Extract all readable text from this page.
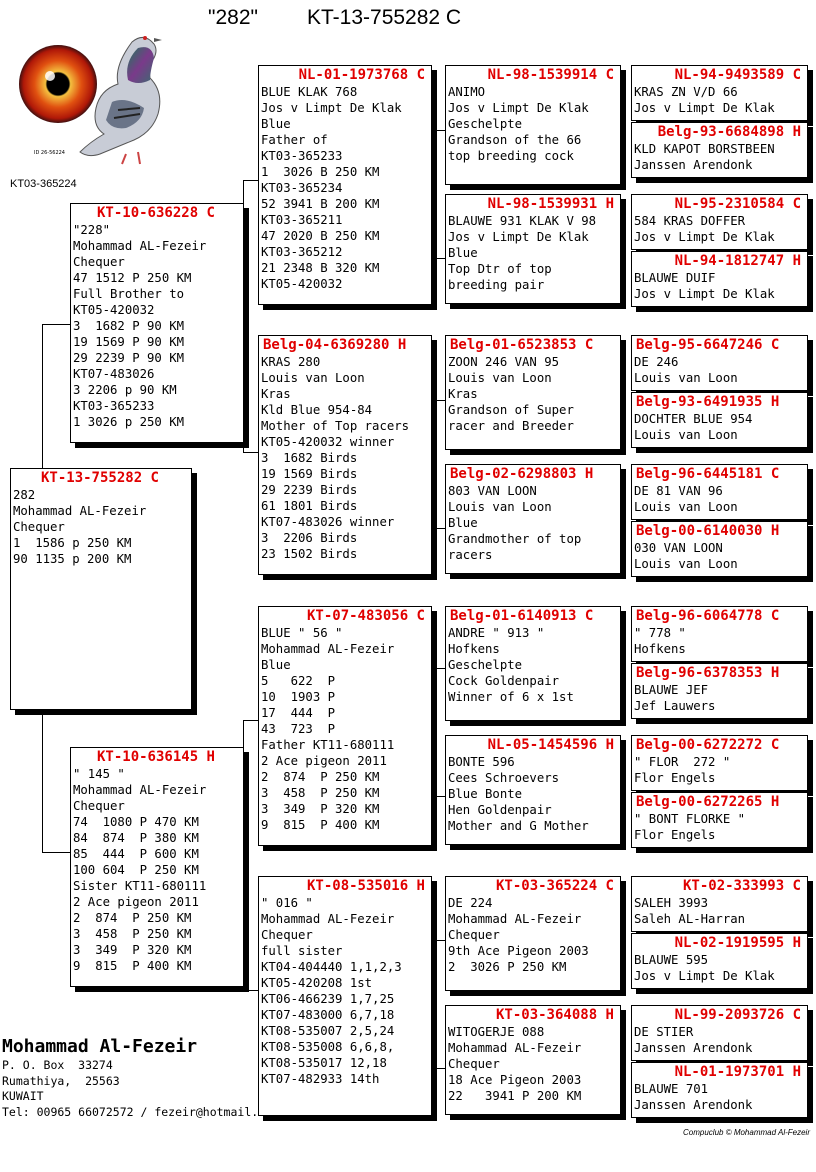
"282" KT-13-755282 C
ID 26-56224
KT03-365224
KT-13-755282 C
282
Mohammad AL-Fezeir
Chequer
1  1586 p 250 KM
90 1135 p 200 KM
KT-10-636228 C
"228"
Mohammad AL-Fezeir
Chequer
47 1512 P 250 KM
Full Brother to
KT05-420032
3  1682 P 90 KM
19 1569 P 90 KM
29 2239 P 90 KM
KT07-483026
3 2206 p 90 KM
KT03-365233
1 3026 p 250 KM
KT-10-636145 H
" 145 "
Mohammad AL-Fezeir
Chequer
74  1080 P 470 KM
84  874  P 380 KM
85  444  P 600 KM
100 604  P 250 KM
Sister KT11-680111
2 Ace pigeon 2011
2  874  P 250 KM
3  458  P 250 KM
3  349  P 320 KM
9  815  P 400 KM
NL-01-1973768 C
BLUE KLAK 768
Jos v Limpt De Klak
Blue
Father of
KT03-365233
1  3026 B 250 KM
KT03-365234
52 3941 B 200 KM
KT03-365211
47 2020 B 250 KM
KT03-365212
21 2348 B 320 KM
KT05-420032
Belg-04-6369280 H
KRAS 280
Louis van Loon
Kras
Kld Blue 954-84
Mother of Top racers
KT05-420032 winner
3  1682 Birds
19 1569 Birds
29 2239 Birds
61 1801 Birds
KT07-483026 winner
3  2206 Birds
23 1502 Birds
KT-07-483056 C
BLUE " 56 "
Mohammad AL-Fezeir
Blue
5   622  P
10  1903 P
17  444  P
43  723  P
Father KT11-680111
2 Ace pigeon 2011
2  874  P 250 KM
3  458  P 250 KM
3  349  P 320 KM
9  815  P 400 KM
KT-08-535016 H
" 016 "
Mohammad AL-Fezeir
Chequer
full sister
KT04-404440 1,1,2,3
KT05-420208 1st
KT06-466239 1,7,25
KT07-483000 6,7,18
KT08-535007 2,5,24
KT08-535008 6,6,8,
KT08-535017 12,18
KT07-482933 14th
NL-98-1539914 C
ANIMO
Jos v Limpt De Klak
Geschelpte
Grandson of the 66
top breeding cock
NL-98-1539931 H
BLAUWE 931 KLAK V 98
Jos v Limpt De Klak
Blue
Top Dtr of top
breeding pair
Belg-01-6523853 C
ZOON 246 VAN 95
Louis van Loon
Kras
Grandson of Super
racer and Breeder
Belg-02-6298803 H
803 VAN LOON
Louis van Loon
Blue
Grandmother of top
racers
Belg-01-6140913 C
ANDRE " 913 "
Hofkens
Geschelpte
Cock Goldenpair
Winner of 6 x 1st
NL-05-1454596 H
BONTE 596
Cees Schroevers
Blue Bonte
Hen Goldenpair
Mother and G Mother
KT-03-365224 C
DE 224
Mohammad AL-Fezeir
Chequer
9th Ace Pigeon 2003
2  3026 P 250 KM
KT-03-364088 H
WITOGERJE 088
Mohammad AL-Fezeir
Chequer
18 Ace Pigeon 2003
22   3941 P 200 KM
NL-94-9493589 C
KRAS ZN V/D 66
Jos v Limpt De Klak
Belg-93-6684898 H
KLD KAPOT BORSTBEEN
Janssen Arendonk
NL-95-2310584 C
584 KRAS DOFFER
Jos v Limpt De Klak
NL-94-1812747 H
BLAUWE DUIF
Jos v Limpt De Klak
Belg-95-6647246 C
DE 246
Louis van Loon
Belg-93-6491935 H
DOCHTER BLUE 954
Louis van Loon
Belg-96-6445181 C
DE 81 VAN 96
Louis van Loon
Belg-00-6140030 H
030 VAN LOON
Louis van Loon
Belg-96-6064778 C
" 778 "
Hofkens
Belg-96-6378353 H
BLAUWE JEF
Jef Lauwers
Belg-00-6272272 C
" FLOR  272 "
Flor Engels
Belg-00-6272265 H
" BONT FLORKE "
Flor Engels
KT-02-333993 C
SALEH 3993
Saleh AL-Harran
NL-02-1919595 H
BLAUWE 595
Jos v Limpt De Klak
NL-99-2093726 C
DE STIER
Janssen Arendonk
NL-01-1973701 H
BLAUWE 701
Janssen Arendonk
Mohammad Al-Fezeir
P. O. Box  33274
Rumathiya,  25563
KUWAIT
Tel: 00965 66072572 / fezeir@hotmail.
Compuclub © Mohammad Al-Fezeir
